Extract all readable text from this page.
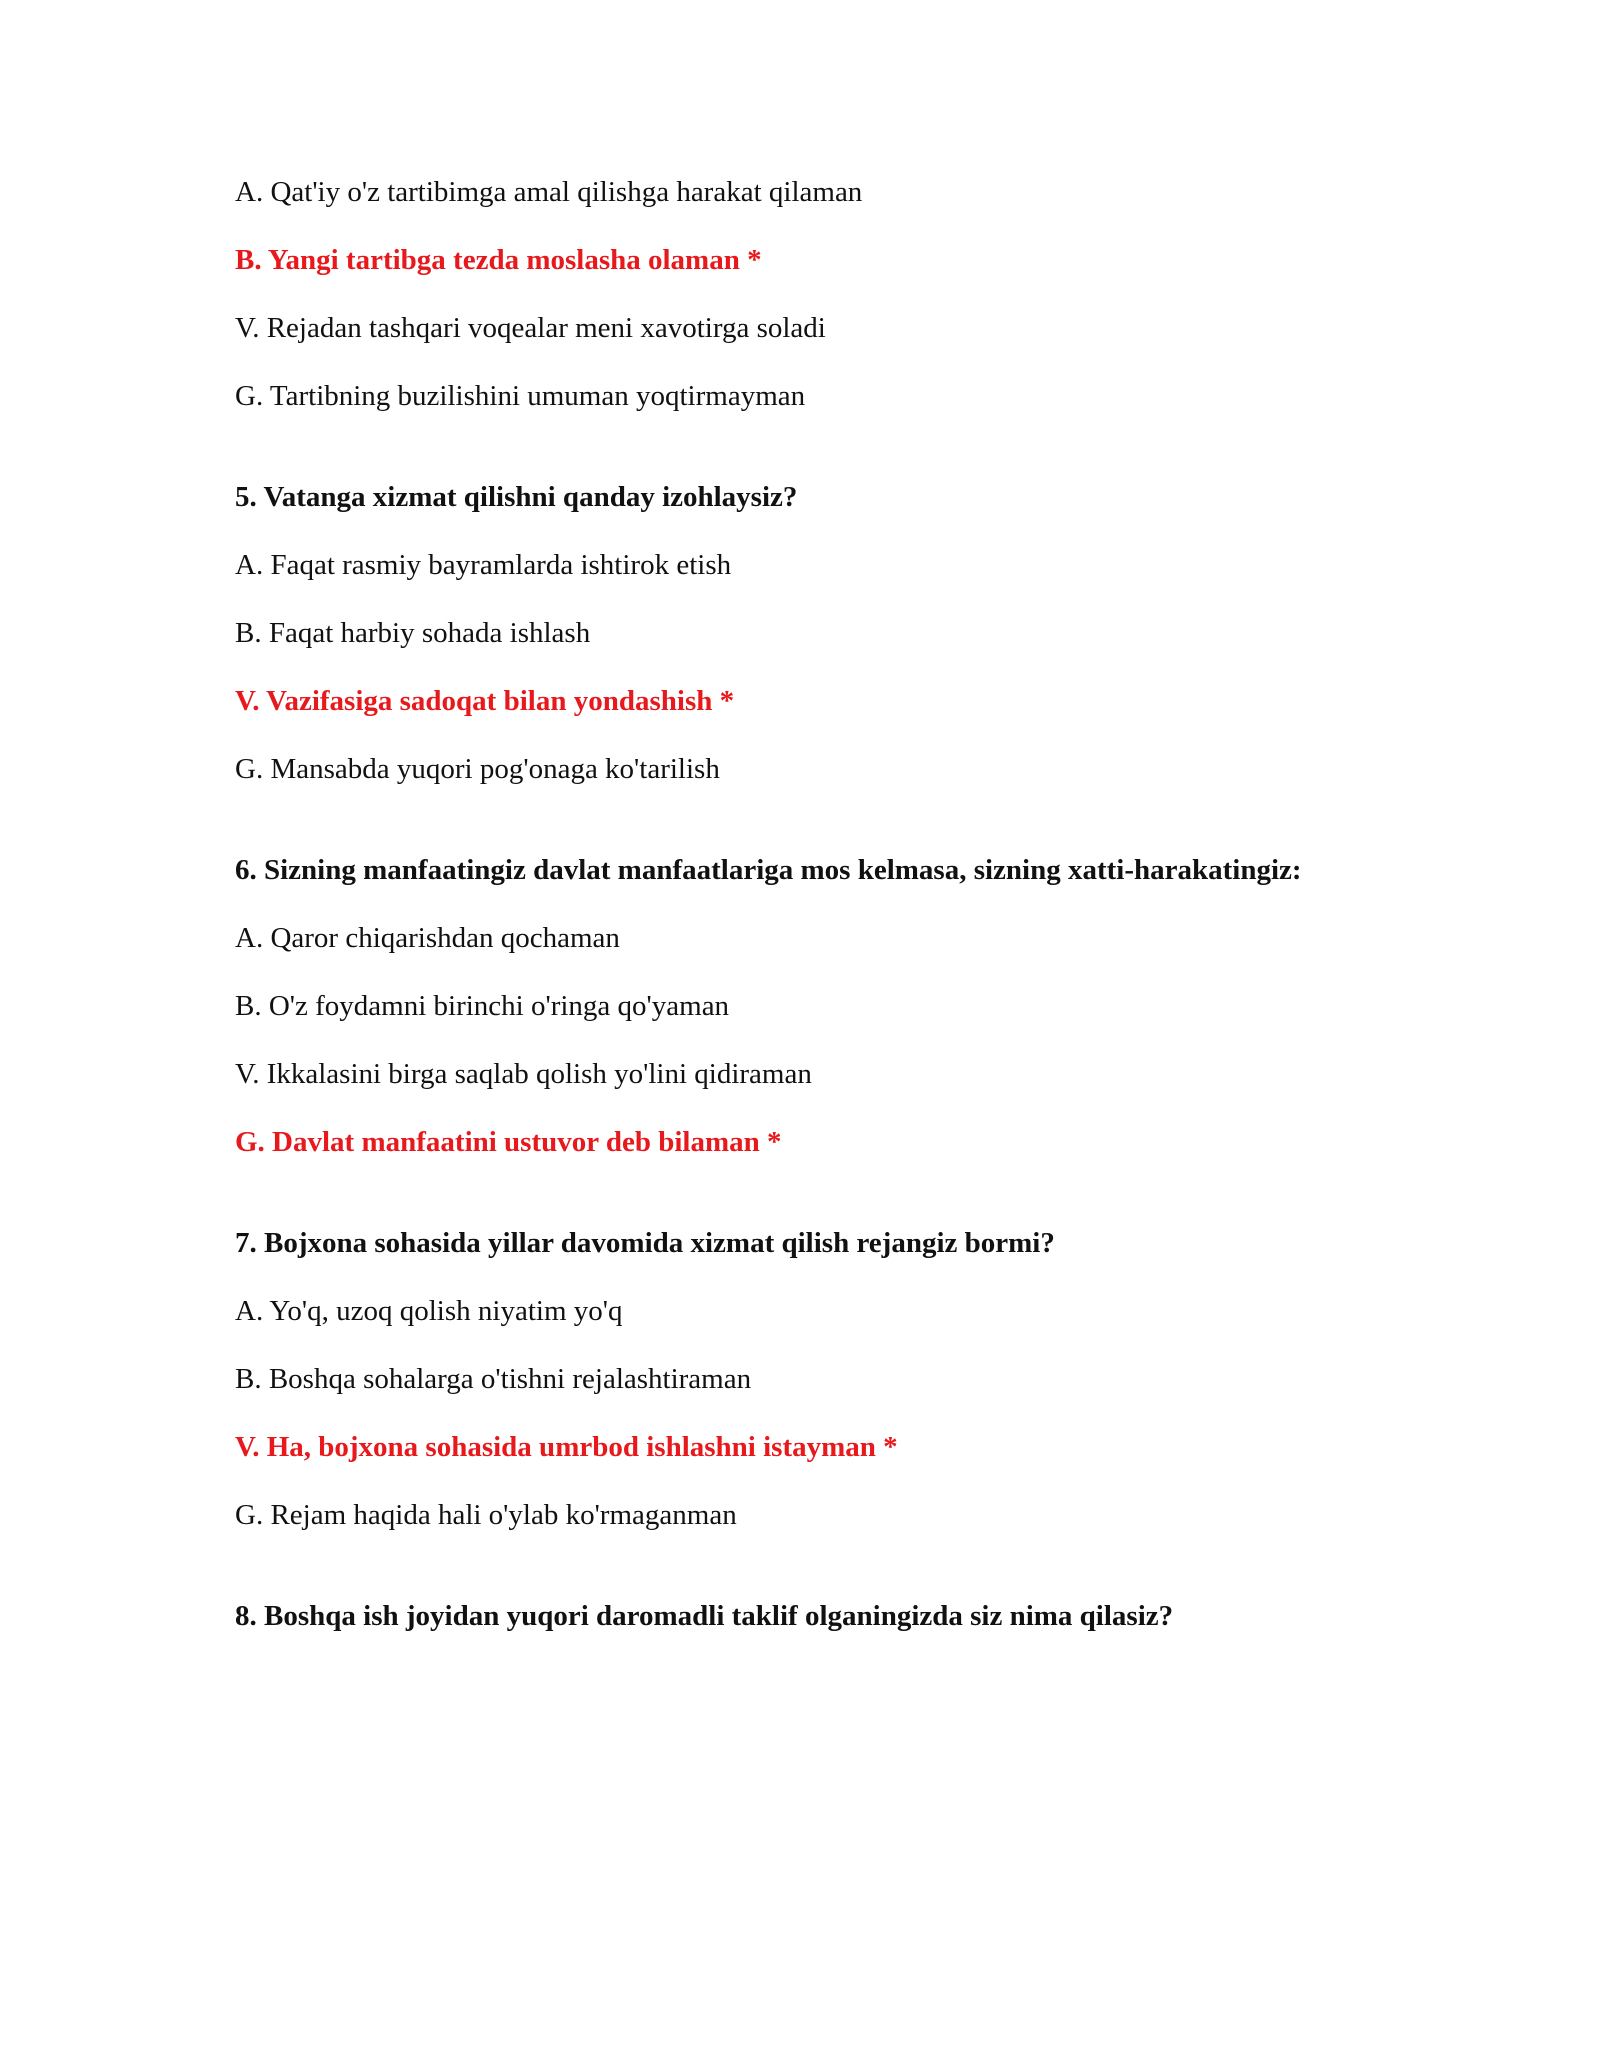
A. Qat'iy o'z tartibimga amal qilishga harakat qilaman

B. Yangi tartibga tezda moslasha olaman *

V. Rejadan tashqari voqealar meni xavotirga soladi

G. Tartibning buzilishini umuman yoqtirmayman

5. Vatanga xizmat qilishni qanday izohlaysiz?

A. Faqat rasmiy bayramlarda ishtirok etish

B. Faqat harbiy sohada ishlash

V. Vazifasiga sadoqat bilan yondashish *

G. Mansabda yuqori pog'onaga ko'tarilish

6. Sizning manfaatingiz davlat manfaatlariga mos kelmasa, sizning xatti-harakatingiz:

A. Qaror chiqarishdan qochaman

B. O'z foydamni birinchi o'ringa qo'yaman

V. Ikkalasini birga saqlab qolish yo'lini qidiraman

G. Davlat manfaatini ustuvor deb bilaman *

7. Bojxona sohasida yillar davomida xizmat qilish rejangiz bormi?

A. Yo'q, uzoq qolish niyatim yo'q

B. Boshqa sohalarga o'tishni rejalashtiraman

V. Ha, bojxona sohasida umrbod ishlashni istayman *

G. Rejam haqida hali o'ylab ko'rmaganman

8. Boshqa ish joyidan yuqori daromadli taklif olganingizda siz nima qilasiz?
